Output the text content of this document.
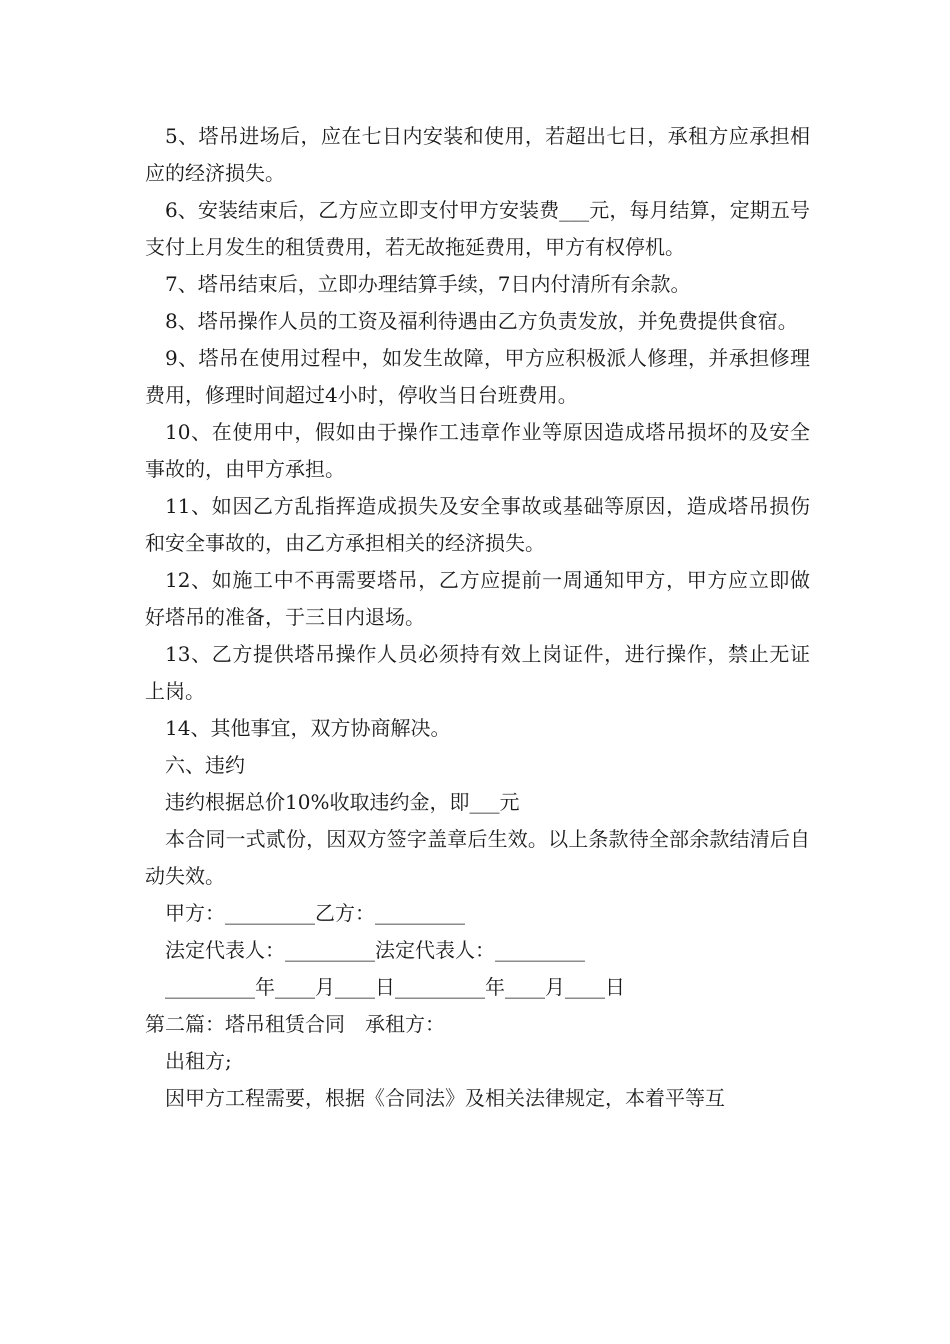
5、塔吊进场后，应在七日内安装和使用，若超出七日，承租方应承担相应的经济损失。

6、安装结束后，乙方应立即支付甲方安装费___元，每月结算，定期五号支付上月发生的租赁费用，若无故拖延费用，甲方有权停机。

7、塔吊结束后，立即办理结算手续，7日内付清所有余款。

8、塔吊操作人员的工资及福利待遇由乙方负责发放，并免费提供食宿。

9、塔吊在使用过程中，如发生故障，甲方应积极派人修理，并承担修理费用，修理时间超过4小时，停收当日台班费用。

10、在使用中，假如由于操作工违章作业等原因造成塔吊损坏的及安全事故的，由甲方承担。

11、如因乙方乱指挥造成损失及安全事故或基础等原因，造成塔吊损伤和安全事故的，由乙方承担相关的经济损失。

12、如施工中不再需要塔吊，乙方应提前一周通知甲方，甲方应立即做好塔吊的准备，于三日内退场。

13、乙方提供塔吊操作人员必须持有效上岗证件，进行操作，禁止无证上岗。

14、其他事宜，双方协商解决。

六、违约

违约根据总价10%收取违约金，即___元

本合同一式贰份，因双方签字盖章后生效。以上条款待全部余款结清后自动失效。

甲方：_________乙方：_________

法定代表人：_________法定代表人：_________

_________年____月____日_________年____月____日

第二篇：塔吊租赁合同　承租方：

出租方;

因甲方工程需要，根据《合同法》及相关法律规定，本着平等互
